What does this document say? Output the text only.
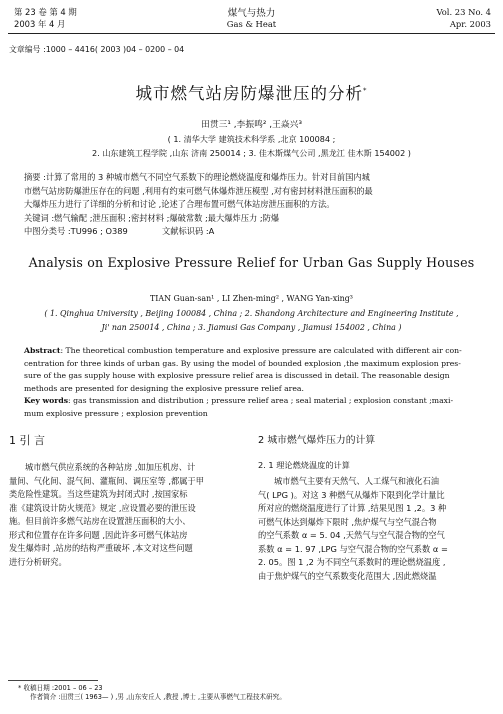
第 23 卷 第 4 期
2003 年 4 月
煤气与热力
Gas & Heat
Vol. 23 No. 4
Apr. 2003
文章编号 :1000 – 4416( 2003 )04 – 0200 – 04
城市燃气站房防爆泄压的分析*
田贯三¹ ,李振鸣² ,王焱兴³
( 1. 清华大学 建筑技术科学系 ,北京 100084 ;
2. 山东建筑工程学院 ,山东 济南 250014 ; 3. 佳木斯煤气公司 ,黑龙江 佳木斯 154002 )
摘要 :计算了常用的 3 种城市燃气不同空气系数下的理论燃烧温度和爆炸压力。针对目前国内城
市燃气站房防爆泄压存在的问题 ,利用有约束可燃气体爆炸泄压模型 ,对有密封材料泄压面积的最
大爆炸压力进行了详细的分析和讨论 ,论述了合理布置可燃气体站房泄压面积的方法。
关键词 :燃气输配 ;泄压面积 ;密封材料 ;爆破常数 ;最大爆炸压力 ;防爆
中图分类号 :TU996 ; O389	文献标识码 :A
Analysis on Explosive Pressure Relief for Urban Gas Supply Houses
TIAN Guan-san¹ , LI Zhen-ming² , WANG Yan-xing³
( 1. Qinghua University , Beijing 100084 , China ; 2. Shandong Architecture and Engineering Institute ,
Ji' nan 250014 , China ; 3. Jiamusi Gas Company , Jiamusi 154002 , China )
Abstract: The theoretical combustion temperature and explosive pressure are calculated with different air con-
centration for three kinds of urban gas. By using the model of bounded explosion ,the maximum explosion pres-
sure of the gas supply house with explosive pressure relief area is discussed in detail. The reasonable design
methods are presented for designing the explosive pressure relief area.
Key words: gas transmission and distribution ; pressure relief area ; seal material ; explosion constant ;maxi-
mum explosive pressure ; explosion prevention
1 引 言
城市燃气供应系统的各种站房 ,如加压机房、计
量间、气化间、混气间、灌瓶间、调压室等 ,都属于甲
类危险性建筑。当这些建筑为封闭式时 ,按国家标
准《建筑设计防火规范》规定 ,应设置必要的泄压设
施。但目前许多燃气站房在设置泄压面积的大小、
形式和位置存在许多问题 ,因此许多可燃气体站房
发生爆炸时 ,站房的结构严重破坏 ,本文对这些问题
进行分析研究。
2 城市燃气爆炸压力的计算
2. 1 理论燃烧温度的计算
城市燃气主要有天然气、人工煤气和液化石油
气( LPG )。对这 3 种燃气从爆炸下限到化学计量比
所对应的燃烧温度进行了计算 ,结果见图 1 ,2。3 种
可燃气体达到爆炸下限时 ,焦炉煤气与空气混合物
的空气系数 α = 5. 04 ,天然气与空气混合物的空气
系数 α = 1. 97 ,LPG 与空气混合物的空气系数 α =
2. 05。图 1 ,2 为不同空气系数时的理论燃烧温度 ,
由于焦炉煤气的空气系数变化范围大 ,因此燃烧温
* 收稿日期 :2001 – 06 – 23
作者简介 :田贯三( 1963— ) ,男 ,山东安丘人 ,教授 ,博士 ,主要从事燃气工程技术研究。
